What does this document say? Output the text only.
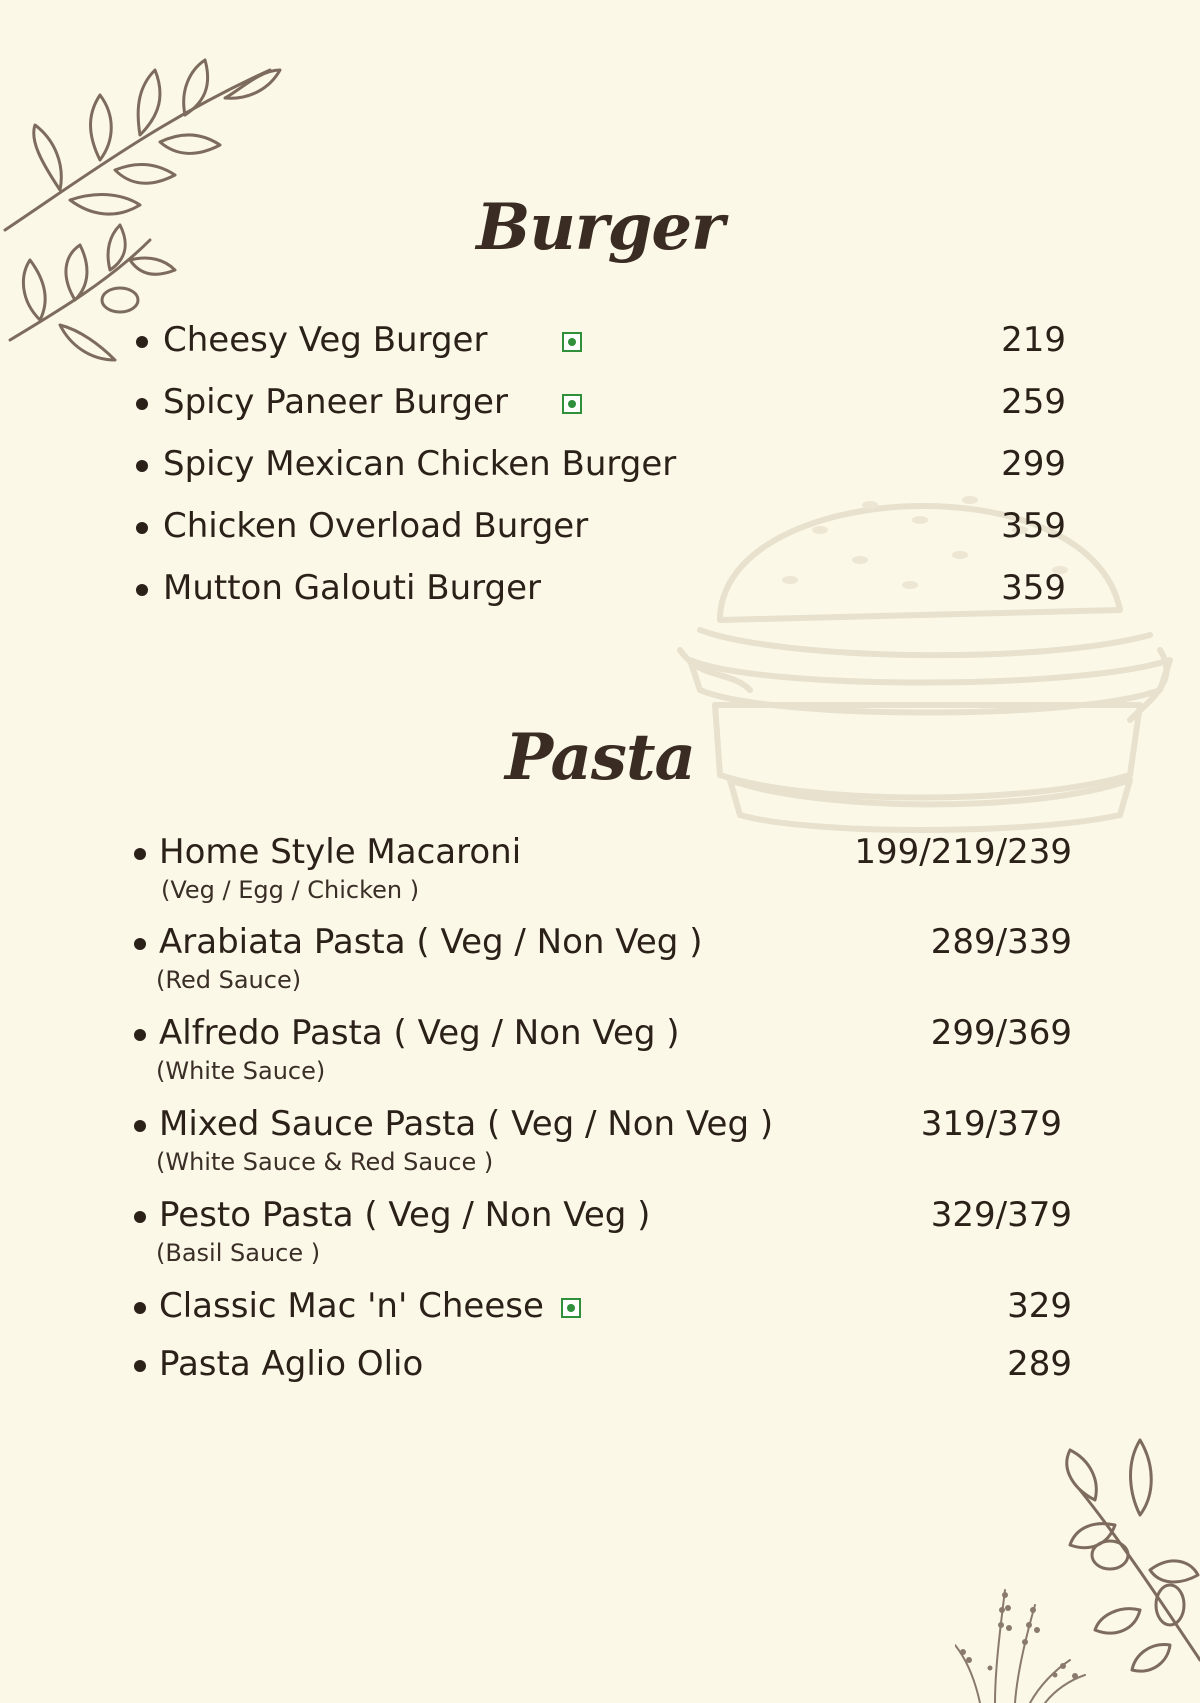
Burger
Cheesy Veg Burger	219
Spicy Paneer Burger	259
Spicy Mexican Chicken Burger	299
Chicken Overload Burger	359
Mutton Galouti Burger	359
Pasta
Home Style Macaroni
(Veg / Egg / Chicken )
199/219/239
Arabiata Pasta ( Veg / Non Veg )
(Red Sauce)
289/339
Alfredo Pasta ( Veg / Non Veg )
(White Sauce)
299/369
Mixed Sauce Pasta ( Veg / Non Veg )
(White Sauce & Red Sauce )
319/379
Pesto Pasta ( Veg / Non Veg )
(Basil Sauce )
329/379
Classic Mac 'n' Cheese	329
Pasta Aglio Olio	289
